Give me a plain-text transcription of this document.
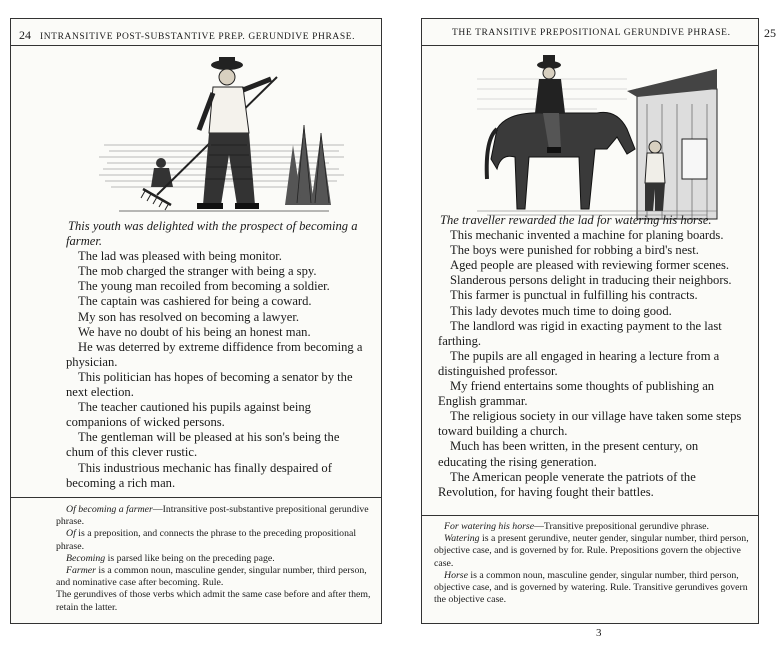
24 INTRANSITIVE POST-SUBSTANTIVE PREP. GERUNDIVE PHRASE.

This youth was delighted with the prospect of becoming a farmer.

The lad was pleased with being monitor.

The mob charged the stranger with being a spy.

The young man recoiled from becoming a soldier.

The captain was cashiered for being a coward.

My son has resolved on becoming a lawyer.

We have no doubt of his being an honest man.

He was deterred by extreme diffidence from becoming a physician.

This politician has hopes of becoming a senator by the next election.

The teacher cautioned his pupils against being companions of wicked persons.

The gentleman will be pleased at his son's being the chum of this clever rustic.

This industrious mechanic has finally despaired of becoming a rich man.

Of becoming a farmer—Intransitive post-substantive prepositional gerundive phrase.

Of is a preposition, and connects the phrase to the preceding propositional phrase.

Becoming is parsed like being on the preceding page.

Farmer is a common noun, masculine gender, singular number, third person, and nominative case after becoming. Rule.

The gerundives of those verbs which admit the same case before and after them, retain the latter.

THE TRANSITIVE PREPOSITIONAL GERUNDIVE PHRASE.	25

The traveller rewarded the lad for watering his horse.

This mechanic invented a machine for planing boards.

The boys were punished for robbing a bird's nest.

Aged people are pleased with reviewing former scenes.

Slanderous persons delight in traducing their neighbors.

This farmer is punctual in fulfilling his contracts.

This lady devotes much time to doing good.

The landlord was rigid in exacting payment to the last farthing.

The pupils are all engaged in hearing a lecture from a distinguished professor.

My friend entertains some thoughts of publishing an English grammar.

The religious society in our village have taken some steps toward building a church.

Much has been written, in the present century, on educating the rising generation.

The American people venerate the patriots of the Revolution, for having fought their battles.

For watering his horse—Transitive prepositional gerundive phrase.

Watering is a present gerundive, neuter gender, singular number, third person, objective case, and is governed by for. Rule. Prepositions govern the objective case.

Horse is a common noun, masculine gender, singular number, third person, objective case, and is governed by watering. Rule. Transitive gerundives govern the objective case.

3
